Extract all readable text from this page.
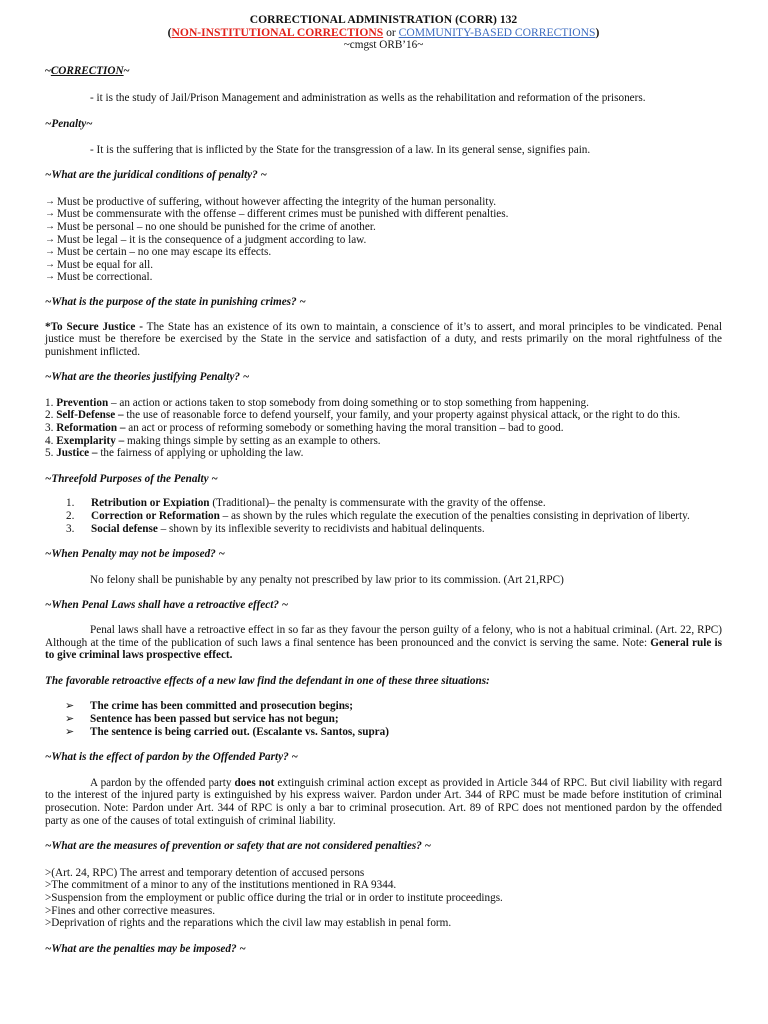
CORRECTIONAL ADMINISTRATION (CORR) 132

(NON-INSTITUTIONAL CORRECTIONS or COMMUNITY-BASED CORRECTIONS)

~cmgst ORB’16~

~CORRECTION~

- it is the study of Jail/Prison Management and administration as wells as the rehabilitation and reformation of the prisoners.

~Penalty~

- It is the suffering that is inflicted by the State for the transgression of a law. In its general sense, signifies pain.

~What are the juridical conditions of penalty? ~

→ Must be productive of suffering, without however affecting the integrity of the human personality.
→ Must be commensurate with the offense – different crimes must be punished with different penalties.
→ Must be personal – no one should be punished for the crime of another.
→ Must be legal – it is the consequence of a judgment according to law.
→ Must be certain – no one may escape its effects.
→ Must be equal for all.
→ Must be correctional.

~What is the purpose of the state in punishing crimes? ~

*To Secure Justice - The State has an existence of its own to maintain, a conscience of it’s to assert, and moral principles to be vindicated. Penal justice must be therefore be exercised by the State in the service and satisfaction of a duty, and rests primarily on the moral rightfulness of the punishment inflicted.

~What are the theories justifying Penalty? ~

1. Prevention – an action or actions taken to stop somebody from doing something or to stop something from happening.
2. Self-Defense – the use of reasonable force to defend yourself, your family, and your property against physical attack, or the right to do this.
3. Reformation – an act or process of reforming somebody or something having the moral transition – bad to good.
4. Exemplarity – making things simple by setting as an example to others.
5. Justice – the fairness of applying or upholding the law.

~Threefold Purposes of the Penalty ~

1.	Retribution or Expiation (Traditional)– the penalty is commensurate with the gravity of the offense.
2.	Correction or Reformation – as shown by the rules which regulate the execution of the penalties consisting in deprivation of liberty.
3.	Social defense – shown by its inflexible severity to recidivists and habitual delinquents.

~When Penalty may not be imposed? ~

No felony shall be punishable by any penalty not prescribed by law prior to its commission. (Art 21,RPC)

~When Penal Laws shall have a retroactive effect? ~

Penal laws shall have a retroactive effect in so far as they favour the person guilty of a felony, who is not a habitual criminal. (Art. 22, RPC) Although at the time of the publication of such laws a final sentence has been pronounced and the convict is serving the same. Note: General rule is to give criminal laws prospective effect.

The favorable retroactive effects of a new law find the defendant in one of these three situations:

➢	The crime has been committed and prosecution begins;
➢	Sentence has been passed but service has not begun;
➢	The sentence is being carried out. (Escalante vs. Santos, supra)

~What is the effect of pardon by the Offended Party? ~

A pardon by the offended party does not extinguish criminal action except as provided in Article 344 of RPC. But civil liability with regard to the interest of the injured party is extinguished by his express waiver. Pardon under Art. 344 of RPC must be made before institution of criminal prosecution. Note: Pardon under Art. 344 of RPC is only a bar to criminal prosecution. Art. 89 of RPC does not mentioned pardon by the offended party as one of the causes of total extinguish of criminal liability.

~What are the measures of prevention or safety that are not considered penalties? ~

>(Art. 24, RPC) The arrest and temporary detention of accused persons
>The commitment of a minor to any of the institutions mentioned in RA 9344.
>Suspension from the employment or public office during the trial or in order to institute proceedings.
>Fines and other corrective measures.
>Deprivation of rights and the reparations which the civil law may establish in penal form.

~What are the penalties may be imposed? ~
